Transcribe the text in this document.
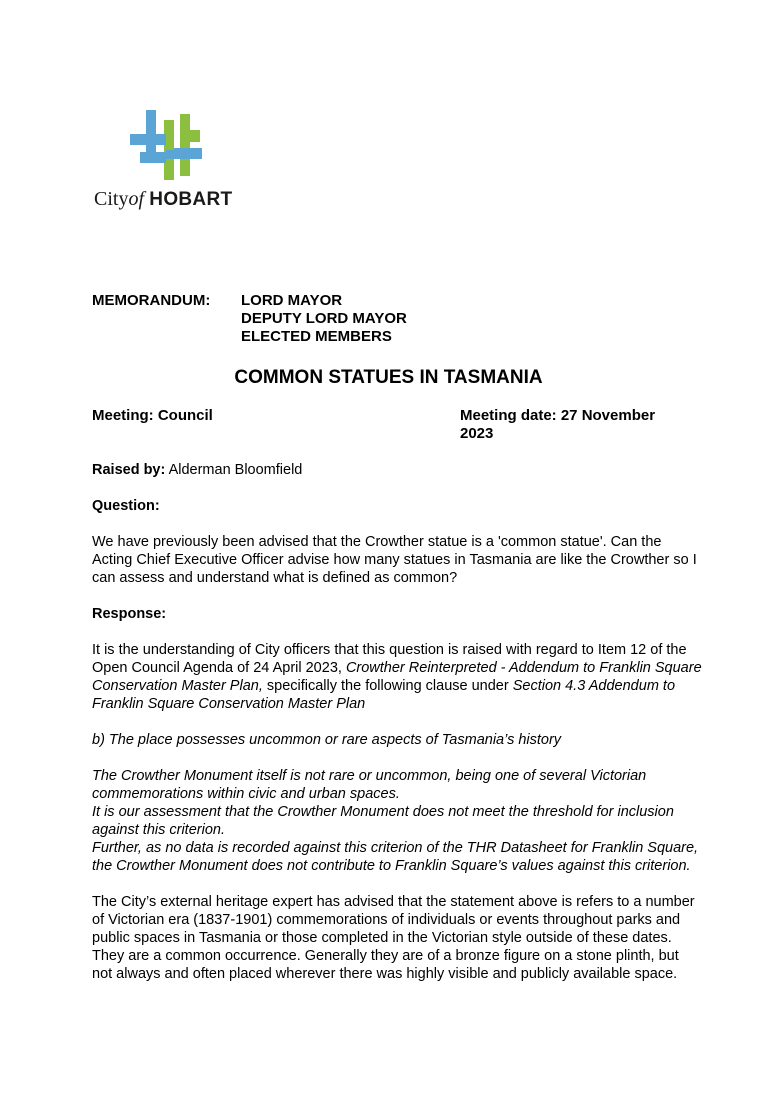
Cityof HOBART
MEMORANDUM: LORD MAYOR
DEPUTY LORD MAYOR
ELECTED MEMBERS
COMMON STATUES IN TASMANIA
Meeting: Council	Meeting date: 27 November 2023

Raised by: Alderman Bloomfield

Question:

We have previously been advised that the Crowther statue is a 'common statue'. Can the Acting Chief Executive Officer advise how many statues in Tasmania are like the Crowther so I can assess and understand what is defined as common?

Response:

It is the understanding of City officers that this question is raised with regard to Item 12 of the Open Council Agenda of 24 April 2023, Crowther Reinterpreted - Addendum to Franklin Square Conservation Master Plan, specifically the following clause under Section 4.3 Addendum to Franklin Square Conservation Master Plan

b) The place possesses uncommon or rare aspects of Tasmania’s history

The Crowther Monument itself is not rare or uncommon, being one of several Victorian commemorations within civic and urban spaces.

It is our assessment that the Crowther Monument does not meet the threshold for inclusion against this criterion.

Further, as no data is recorded against this criterion of the THR Datasheet for Franklin Square, the Crowther Monument does not contribute to Franklin Square’s values against this criterion.

The City’s external heritage expert has advised that the statement above is refers to a number of Victorian era (1837-1901) commemorations of individuals or events throughout parks and public spaces in Tasmania or those completed in the Victorian style outside of these dates. They are a common occurrence. Generally they are of a bronze figure on a stone plinth, but not always and often placed wherever there was highly visible and publicly available space.
